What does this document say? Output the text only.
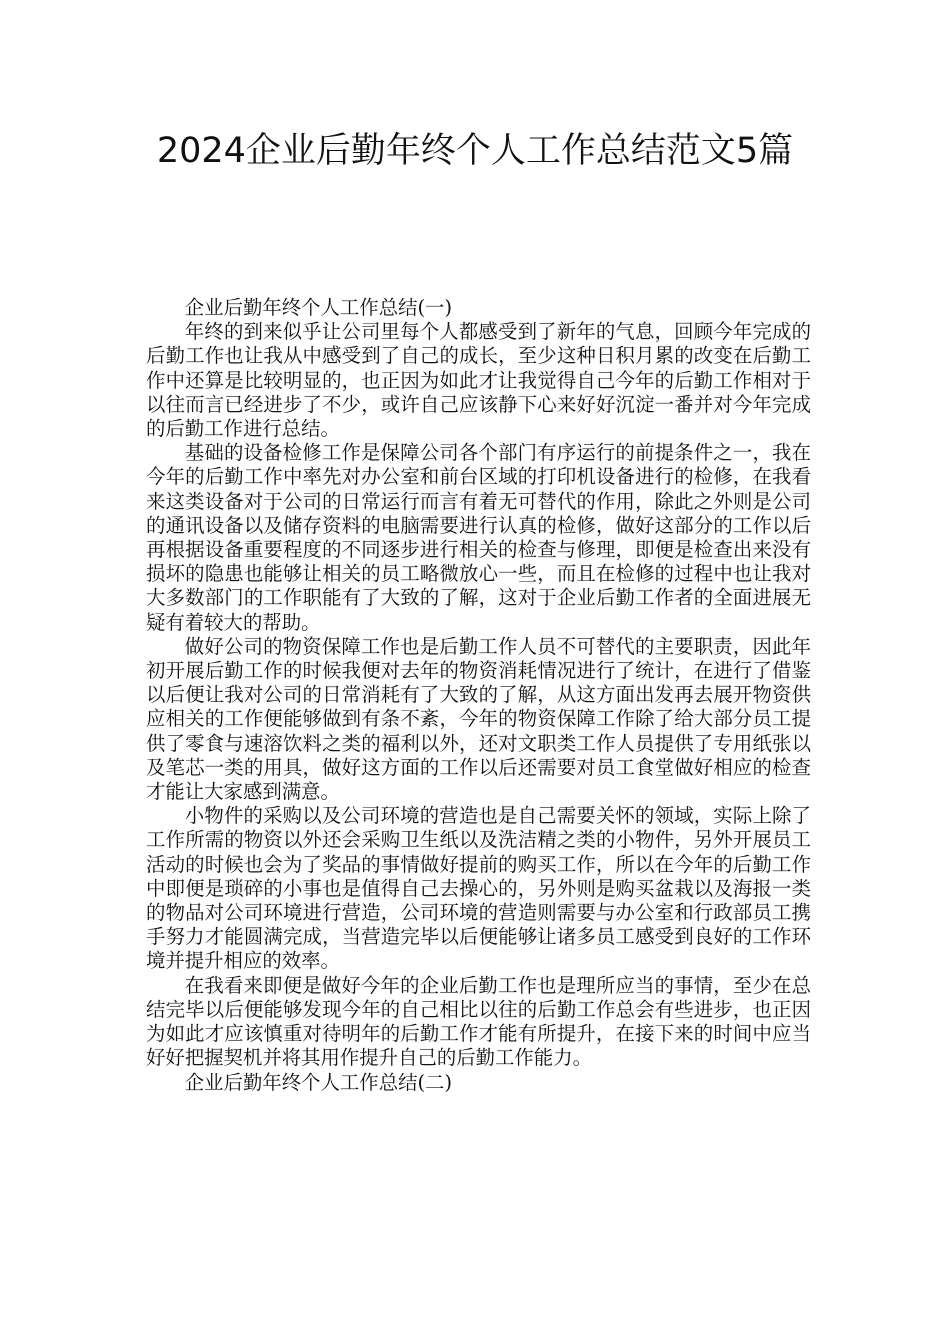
2024企业后勤年终个人工作总结范文5篇

企业后勤年终个人工作总结(一)

年终的到来似乎让公司里每个人都感受到了新年的气息，回顾今年完成的后勤工作也让我从中感受到了自己的成长，至少这种日积月累的改变在后勤工作中还算是比较明显的，也正因为如此才让我觉得自己今年的后勤工作相对于以往而言已经进步了不少，或许自己应该静下心来好好沉淀一番并对今年完成的后勤工作进行总结。

基础的设备检修工作是保障公司各个部门有序运行的前提条件之一，我在今年的后勤工作中率先对办公室和前台区域的打印机设备进行的检修，在我看来这类设备对于公司的日常运行而言有着无可替代的作用，除此之外则是公司的通讯设备以及储存资料的电脑需要进行认真的检修，做好这部分的工作以后再根据设备重要程度的不同逐步进行相关的检查与修理，即便是检查出来没有损坏的隐患也能够让相关的员工略微放心一些，而且在检修的过程中也让我对大多数部门的工作职能有了大致的了解，这对于企业后勤工作者的全面进展无疑有着较大的帮助。

做好公司的物资保障工作也是后勤工作人员不可替代的主要职责，因此年初开展后勤工作的时候我便对去年的物资消耗情况进行了统计，在进行了借鉴以后便让我对公司的日常消耗有了大致的了解，从这方面出发再去展开物资供应相关的工作便能够做到有条不紊，今年的物资保障工作除了给大部分员工提供了零食与速溶饮料之类的福利以外，还对文职类工作人员提供了专用纸张以及笔芯一类的用具，做好这方面的工作以后还需要对员工食堂做好相应的检查才能让大家感到满意。

小物件的采购以及公司环境的营造也是自己需要关怀的领域，实际上除了工作所需的物资以外还会采购卫生纸以及洗洁精之类的小物件，另外开展员工活动的时候也会为了奖品的事情做好提前的购买工作，所以在今年的后勤工作中即便是琐碎的小事也是值得自己去操心的，另外则是购买盆栽以及海报一类的物品对公司环境进行营造，公司环境的营造则需要与办公室和行政部员工携手努力才能圆满完成，当营造完毕以后便能够让诸多员工感受到良好的工作环境并提升相应的效率。

在我看来即便是做好今年的企业后勤工作也是理所应当的事情，至少在总结完毕以后便能够发现今年的自己相比以往的后勤工作总会有些进步，也正因为如此才应该慎重对待明年的后勤工作才能有所提升，在接下来的时间中应当好好把握契机并将其用作提升自己的后勤工作能力。

企业后勤年终个人工作总结(二)
